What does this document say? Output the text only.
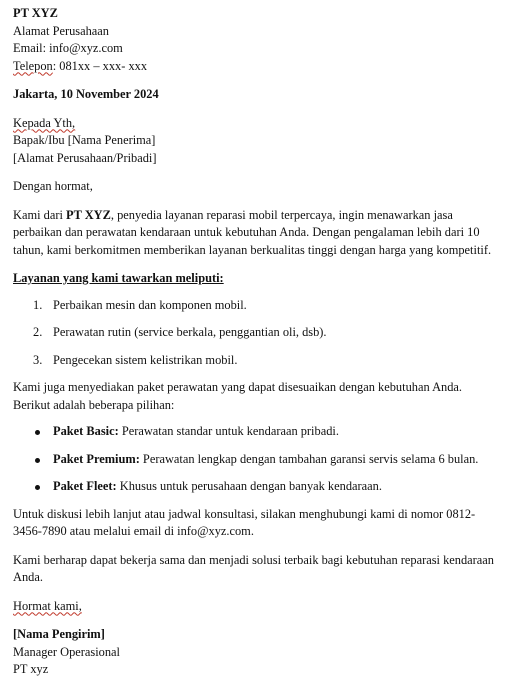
PT XYZ

Alamat Perusahaan

Email: info@xyz.com

Telepon: 081xx – xxx- xxx

Jakarta, 10 November 2024

Kepada Yth,

Bapak/Ibu [Nama Penerima]

[Alamat Perusahaan/Pribadi]

Dengan hormat,

Kami dari PT XYZ, penyedia layanan reparasi mobil terpercaya, ingin menawarkan jasa perbaikan dan perawatan kendaraan untuk kebutuhan Anda. Dengan pengalaman lebih dari 10 tahun, kami berkomitmen memberikan layanan berkualitas tinggi dengan harga yang kompetitif.

Layanan yang kami tawarkan meliputi:

1. Perbaikan mesin dan komponen mobil.
2. Perawatan rutin (service berkala, penggantian oli, dsb).
3. Pengecekan sistem kelistrikan mobil.

Kami juga menyediakan paket perawatan yang dapat disesuaikan dengan kebutuhan Anda. Berikut adalah beberapa pilihan:

Paket Basic: Perawatan standar untuk kendaraan pribadi.
Paket Premium: Perawatan lengkap dengan tambahan garansi servis selama 6 bulan.
Paket Fleet: Khusus untuk perusahaan dengan banyak kendaraan.

Untuk diskusi lebih lanjut atau jadwal konsultasi, silakan menghubungi kami di nomor 0812-3456-7890 atau melalui email di info@xyz.com.

Kami berharap dapat bekerja sama dan menjadi solusi terbaik bagi kebutuhan reparasi kendaraan Anda.

Hormat kami,

[Nama Pengirim]

Manager Operasional

PT xyz
